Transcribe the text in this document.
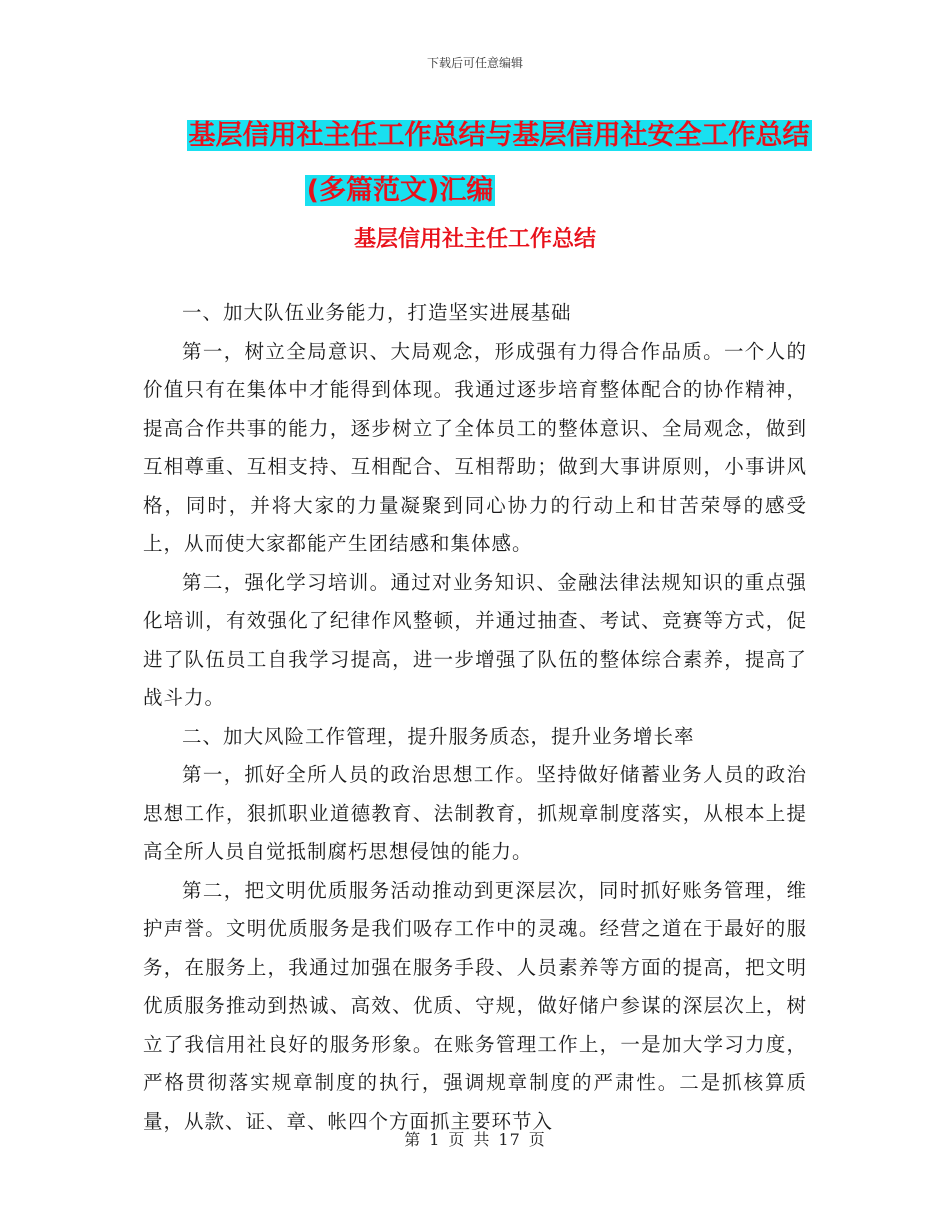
下载后可任意编辑
基层信用社主任工作总结与基层信用社安全工作总结
(多篇范文)汇编
基层信用社主任工作总结

一、加大队伍业务能力，打造坚实进展基础

第一，树立全局意识、大局观念，形成强有力得合作品质。一个人的价值只有在集体中才能得到体现。我通过逐步培育整体配合的协作精神，提高合作共事的能力，逐步树立了全体员工的整体意识、全局观念，做到互相尊重、互相支持、互相配合、互相帮助；做到大事讲原则，小事讲风格，同时，并将大家的力量凝聚到同心协力的行动上和甘苦荣辱的感受上，从而使大家都能产生团结感和集体感。

第二，强化学习培训。通过对业务知识、金融法律法规知识的重点强化培训，有效强化了纪律作风整顿，并通过抽查、考试、竞赛等方式，促进了队伍员工自我学习提高，进一步增强了队伍的整体综合素养，提高了战斗力。

二、加大风险工作管理，提升服务质态，提升业务增长率

第一，抓好全所人员的政治思想工作。坚持做好储蓄业务人员的政治思想工作，狠抓职业道德教育、法制教育，抓规章制度落实，从根本上提高全所人员自觉抵制腐朽思想侵蚀的能力。

第二，把文明优质服务活动推动到更深层次，同时抓好账务管理，维护声誉。文明优质服务是我们吸存工作中的灵魂。经营之道在于最好的服务，在服务上，我通过加强在服务手段、人员素养等方面的提高，把文明优质服务推动到热诚、高效、优质、守规，做好储户参谋的深层次上，树立了我信用社良好的服务形象。在账务管理工作上，一是加大学习力度，严格贯彻落实规章制度的执行，强调规章制度的严肃性。二是抓核算质量，从款、证、章、帐四个方面抓主要环节入

第 1 页 共 17 页
